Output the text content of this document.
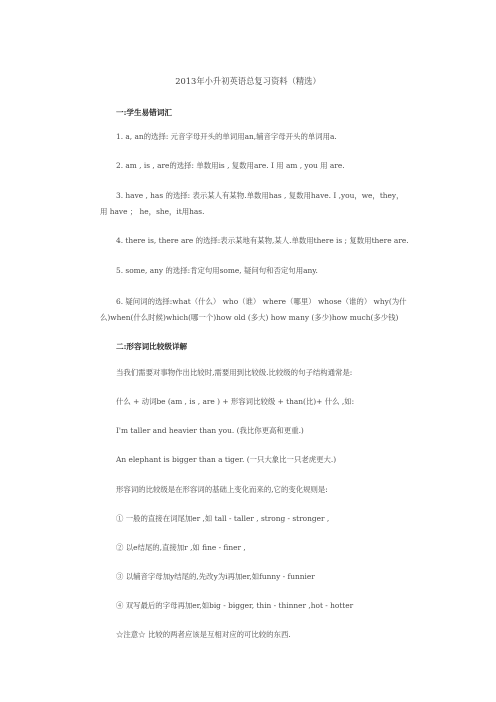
2013年小升初英语总复习资料（精选）
一:学生易错词汇
1. a, an的选择: 元音字母开头的单词用an,辅音字母开头的单词用a.
2. am , is , are的选择: 单数用is , 复数用are. I 用 am , you 用 are.
3. have , has 的选择: 表示某人有某物.单数用has , 复数用have. I ,you，we，they，
用 have ； he，she，it用has.
4. there is, there are 的选择:表示某地有某物,某人.单数用there is ; 复数用there are.
5. some, any 的选择:肯定句用some, 疑问句和否定句用any.
6. 疑问词的选择:what（什么） who（谁） where（哪里） whose（谁的） why(为什
么)when(什么时候)which(哪一个)how old (多大) how many (多少)how much(多少钱)
二:形容词比较级详解
当我们需要对事物作出比较时,需要用到比较级.比较级的句子结构通常是:
什么 + 动词be (am , is , are ) + 形容词比较级 + than(比)+ 什么 ,如:
I'm taller and heavier than you. (我比你更高和更重.)
An elephant is bigger than a tiger. (一只大象比一只老虎更大.)
形容词的比较级是在形容词的基础上变化而来的,它的变化规则是:
① 一般的直接在词尾加er ,如 tall - taller , strong - stronger ,
② 以e结尾的,直接加r ,如 fine - finer ,
③ 以辅音字母加y结尾的,先改y为i再加er,如funny - funnier
④ 双写最后的字母再加er,如big - bigger, thin - thinner ,hot - hotter
☆注意☆ 比较的两者应该是互相对应的可比较的东西.
